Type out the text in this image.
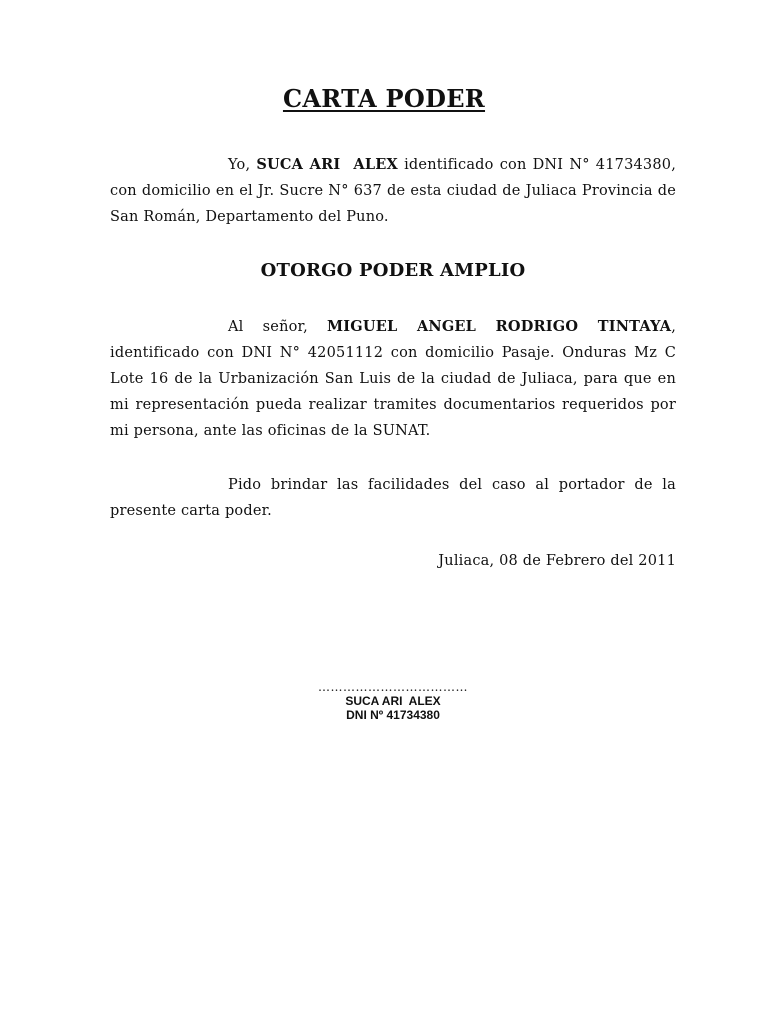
CARTA PODER

Yo, SUCA ARI  ALEX identificado con DNI N° 41734380, con domicilio en el Jr. Sucre N° 637 de esta ciudad de Juliaca Provincia de San Román, Departamento del Puno.

OTORGO PODER AMPLIO

Al señor, MIGUEL ANGEL RODRIGO TINTAYA, identificado con DNI N° 42051112 con domicilio Pasaje. Onduras Mz C Lote 16 de la Urbanización San Luis de la ciudad de Juliaca, para que en mi representación pueda realizar tramites documentarios requeridos por mi persona, ante las oficinas de la SUNAT.

Pido brindar las facilidades del caso al portador de la presente carta poder.

Juliaca, 08 de Febrero del 2011

………………………………
SUCA ARI  ALEX
DNI Nº 41734380
